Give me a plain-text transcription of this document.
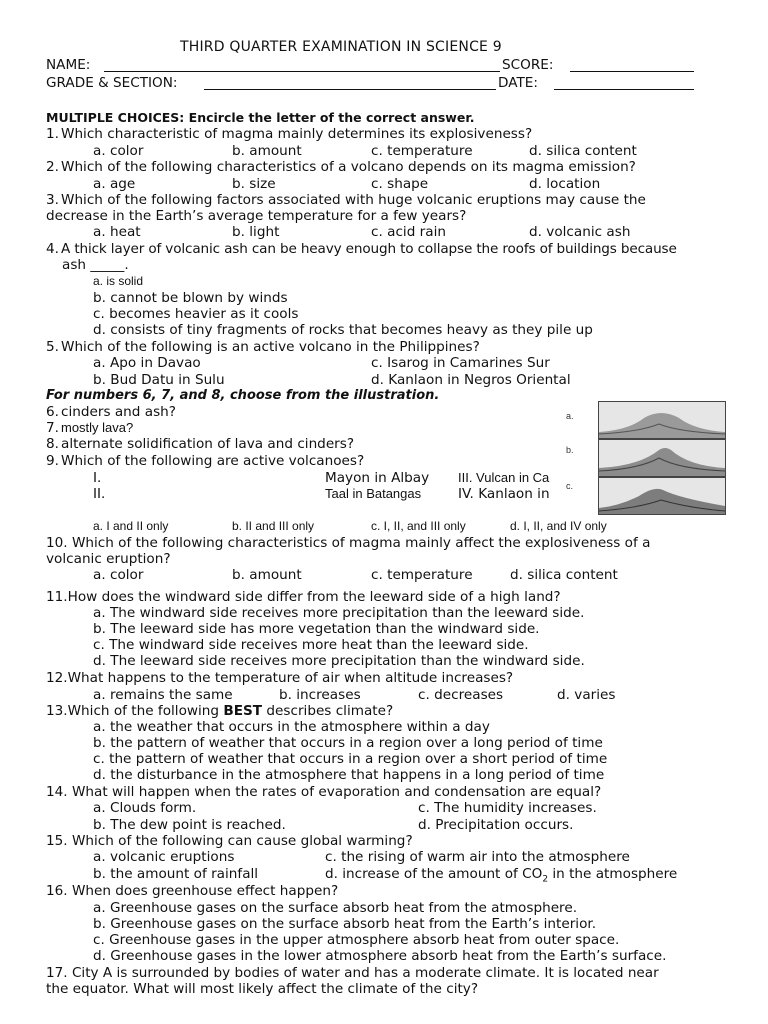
THIRD QUARTER EXAMINATION IN SCIENCE 9
NAME:	SCORE:
GRADE & SECTION:	DATE:
MULTIPLE CHOICES: Encircle the letter of the correct answer.
1. Which characteristic of magma mainly determines its explosiveness?
a. color	b. amount	c. temperature	d. silica content
2. Which of the following characteristics of a volcano depends on its magma emission?
a. age	b. size	c. shape	d. location
3. Which of the following factors associated with huge volcanic eruptions may cause the
decrease in the Earth’s average temperature for a few years?
a. heat	b. light	c. acid rain	d. volcanic ash
4. A thick layer of volcanic ash can be heavy enough to collapse the roofs of buildings because
ash _____.
a. is solid
b. cannot be blown by winds
c. becomes heavier as it cools
d. consists of tiny fragments of rocks that becomes heavy as they pile up
5. Which of the following is an active volcano in the Philippines?
a. Apo in Davao	c. Isarog in Camarines Sur
b. Bud Datu in Sulu	d. Kanlaon in Negros Oriental
For numbers 6, 7, and 8, choose from the illustration.
6. cinders and ash?
7. mostly lava?
8. alternate solidification of lava and cinders?
9. Which of the following are active volcanoes?
I.	Mayon in Albay III. Vulcan in Ca
II.	Taal in Batangas	IV. Kanlaon in
a. I and II only	b. II and III only	c. I, II, and III only	d. I, II, and IV only
a.
b.
c.
10. Which of the following characteristics of magma mainly affect the explosiveness of a
volcanic eruption?
a. color	b. amount	c. temperature	d. silica content
11.How does the windward side differ from the leeward side of a high land?
a. The windward side receives more precipitation than the leeward side.
b. The leeward side has more vegetation than the windward side.
c. The windward side receives more heat than the leeward side.
d. The leeward side receives more precipitation than the windward side.
12.What happens to the temperature of air when altitude increases?
a. remains the same	b. increases	c. decreases	d. varies
13.Which of the following BEST describes climate?
a. the weather that occurs in the atmosphere within a day
b. the pattern of weather that occurs in a region over a long period of time
c. the pattern of weather that occurs in a region over a short period of time
d. the disturbance in the atmosphere that happens in a long period of time
14. What will happen when the rates of evaporation and condensation are equal?
a. Clouds form.	c. The humidity increases.
b. The dew point is reached.	d. Precipitation occurs.
15. Which of the following can cause global warming?
a. volcanic eruptions	c. the rising of warm air into the atmosphere
b. the amount of rainfall	d. increase of the amount of $CO_2$ in the atmosphere
16. When does greenhouse effect happen?
a. Greenhouse gases on the surface absorb heat from the atmosphere.
b. Greenhouse gases on the surface absorb heat from the Earth’s interior.
c. Greenhouse gases in the upper atmosphere absorb heat from outer space.
d. Greenhouse gases in the lower atmosphere absorb heat from the Earth’s surface.
17. City A is surrounded by bodies of water and has a moderate climate. It is located near
the equator. What will most likely affect the climate of the city?
